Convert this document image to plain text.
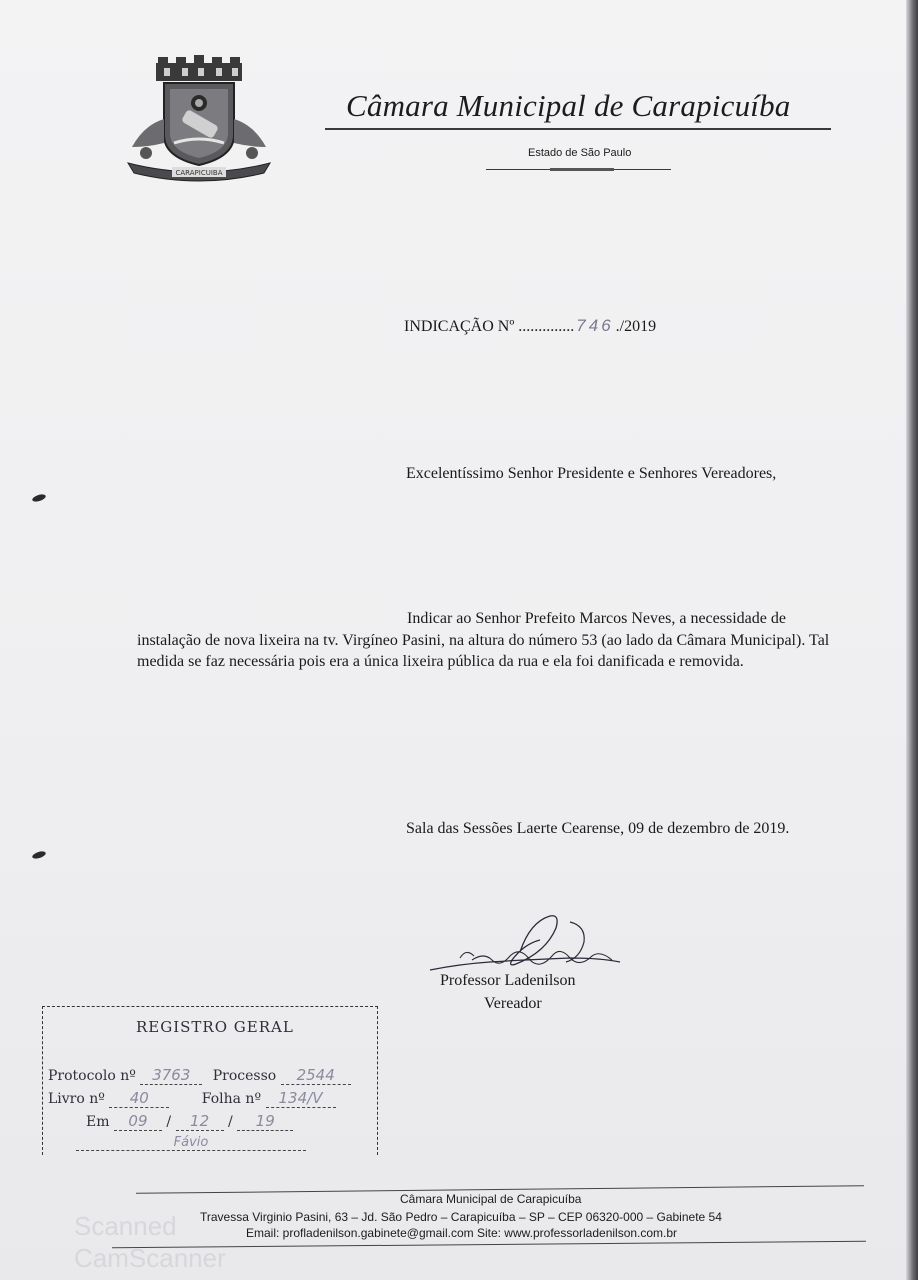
CARAPICUIBA
Câmara Municipal de Carapicuíba
Estado de São Paulo
INDICAÇÃO Nº .............. 746 ./2019
Excelentíssimo Senhor Presidente e Senhores Vereadores,
Indicar ao Senhor Prefeito Marcos Neves, a necessidade de instalação de nova lixeira na tv. Virgíneo Pasini, na altura do número 53 (ao lado da Câmara Municipal). Tal medida se faz necessária pois era a única lixeira pública da rua e ela foi danificada e removida.
Sala das Sessões Laerte Cearense, 09 de dezembro de 2019.
Professor Ladenilson
Vereador
REGISTRO GERAL
Protocolo nº 3763 Processo 2544
Livro nº 40	Folha nº 134/V
Em 09 / 12 / 19
Fávio
Câmara Municipal de Carapicuíba
Travessa Virginio Pasini, 63 – Jd. São Pedro – Carapicuíba – SP – CEP 06320-000 – Gabinete 54
Email: profladenilson.gabinete@gmail.com Site: www.professorladenilson.com.br
Scanned
CamScanner
